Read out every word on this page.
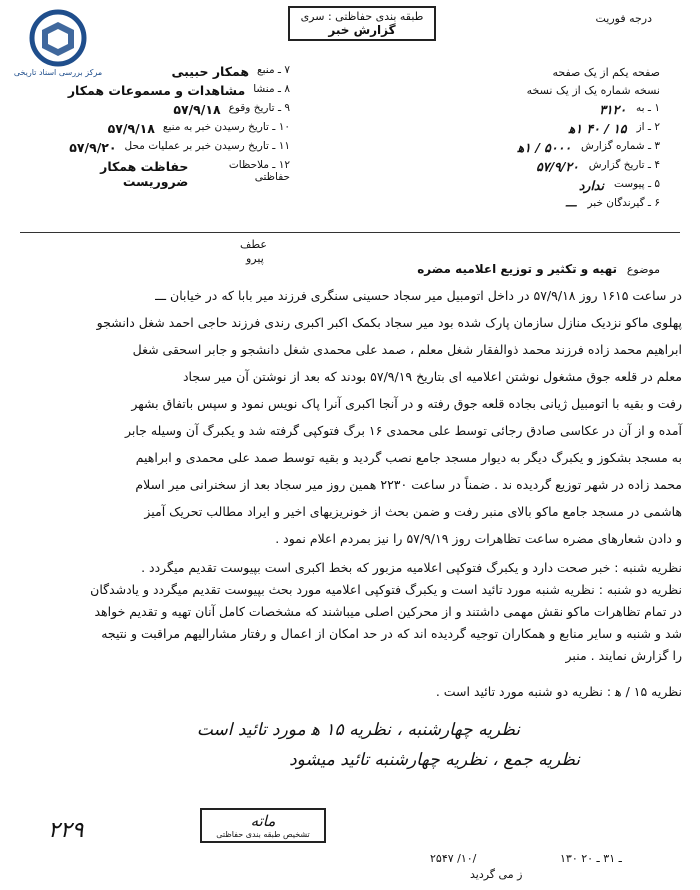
مرکز بررسی اسناد تاریخی
طبقه بندی حفاظتی : سری
گزارش خبر
درجه فوریت
صفحه یکم از یک صفحه
نسخه شماره یک از یک نسخه
۱ ـ به
۳۱۲۰
۲ ـ از
۱۵ / ۴۰ ۱ه‍
۳ ـ شماره گزارش
۵۰۰۰ / ۱ه‍
۴ ـ تاریخ گزارش
۵۷/۹/۲۰
۵ ـ پیوست
ندارد
۶ ـ گیرندگان خبر
—
۷ ـ منبع
همکار حبیبی
۸ ـ منشا
مشاهدات و مسموعات همکار
۹ ـ تاریخ وقوع
۵۷/۹/۱۸
۱۰ ـ تاریخ رسیدن خبر به منبع
۵۷/۹/۱۸
۱۱ ـ تاریخ رسیدن خبر بر عملیات محل
۵۷/۹/۲۰
۱۲ ـ ملاحظات حفاظتی
حفاظت همکار ضروریست
عطف
پیرو
موضوع تهیه و تکثیر و توزیع اعلامیه مضره
در ساعت ۱۶۱۵ روز ۵۷/۹/۱۸ در داخل اتومبیل میر سجاد حسینی سنگری فرزند میر بابا که در خیابان ـــ
پهلوی ماکو نزدیک منازل سازمان پارک شده بود میر سجاد بکمک اکبر اکبری رندی فرزند حاجی احمد شغل دانشجو
ابراهیم محمد زاده فرزند محمد ذوالفقار شغل معلم ، صمد علی محمدی شغل دانشجو و جابر اسحقی شغل
معلم در قلعه جوق مشغول نوشتن اعلامیه ای بتاریخ ۵۷/۹/۱۹ بودند که بعد از نوشتن آن میر سجاد
رفت و بقیه با اتومبیل ژیانی بجاده قلعه جوق رفته و در آنجا اکبری آنرا پاک نویس نمود و سپس باتفاق بشهر
آمده و از آن در عکاسی صادق رجائی توسط علی محمدی ۱۶ برگ فتوکپی گرفته شد و یکبرگ آن وسیله جابر
به مسجد بشکوز و یکبرگ دیگر به دیوار مسجد جامع نصب گردید و بقیه توسط صمد علی محمدی و ابراهیم
محمد زاده در شهر توزیع گردیده ند . ضمناً در ساعت ۲۲۳۰ همین روز میر سجاد بعد از سخنرانی میر اسلام
هاشمی در مسجد جامع ماکو بالای منبر رفت و ضمن بحث از خونریزیهای اخیر و ایراد مطالب تحریک آمیز
و دادن شعارهای مضره ساعت تظاهرات روز ۵۷/۹/۱۹ را نیز بمردم اعلام نمود .
نظریه شنبه : خبر صحت دارد و یکبرگ فتوکپی اعلامیه مزبور که بخط اکبری است بپیوست تقدیم میگردد .
نظریه دو شنبه : نظریه شنبه مورد تائید است و یکبرگ فتوکپی اعلامیه مورد بحث بپیوست تقدیم میگردد و یادشدگان
در تمام تظاهرات ماکو نقش مهمی داشتند و از محرکین اصلی میباشند که مشخصات کامل آنان تهیه و تقدیم خواهد
شد و شنبه و سایر منابع و همکاران توجیه گردیده اند که در حد امکان از اعمال و رفتار مشارالیهم مراقبت و نتیجه
را گزارش نمایند . منبر
نظریه ۱۵ / ه‍ : نظریه دو شنبه مورد تائید است .
نظریه چهارشنبه ، نظریه ۱۵ ه‍ مورد تائید است
نظریه جمع ، نظریه چهارشنبه تائید میشود
۲۲۹	ماته
تشخیص طبقه بندی حفاظتی
۲۵۴۷ /۱۰/	۱۳۰ ـ ۳۱ ـ ۲۰
ز می گردید
